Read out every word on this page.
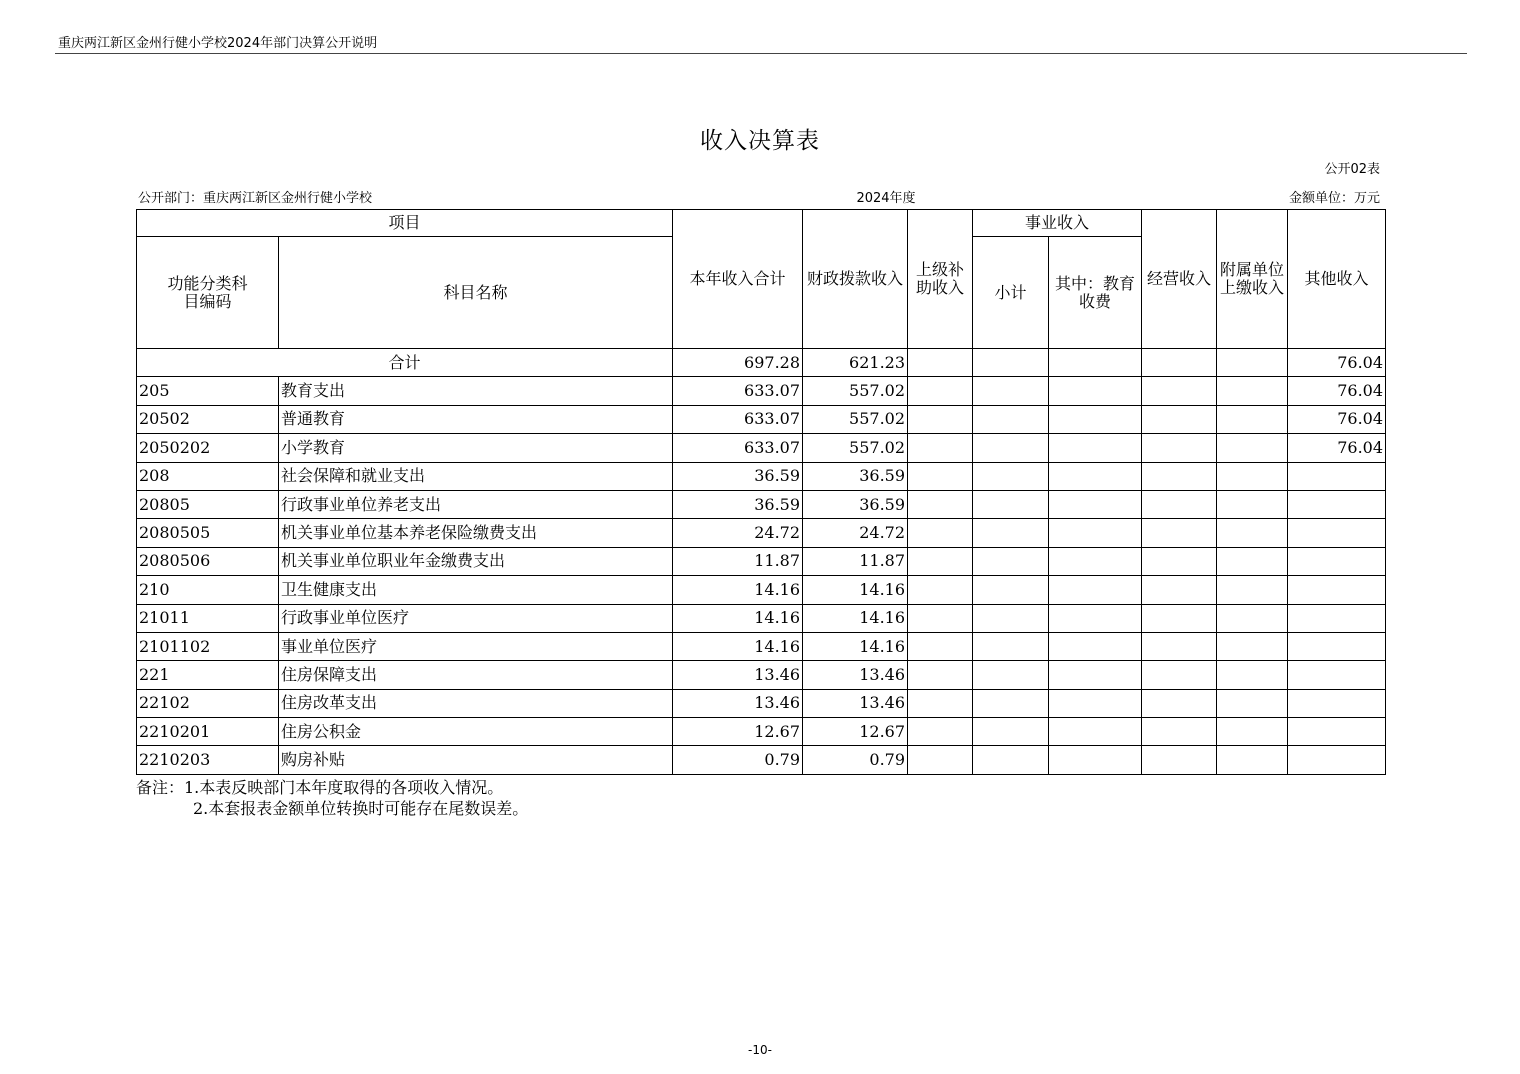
重庆两江新区金州行健小学校2024年部门决算公开说明
收入决算表
公开02表
公开部门：重庆两江新区金州行健小学校	2024年度	金额单位：万元
项目		本年收入合计	财政拨款收入	上级补助收入	事业收入		经营收入	附属单位上缴收入	其他收入
功能分类科目编码	科目名称				小计	其中：教育收费			
合计		697.28	621.23						76.04
205	教育支出	633.07	557.02						76.04
20502	普通教育	633.07	557.02						76.04
2050202	小学教育	633.07	557.02						76.04
208	社会保障和就业支出	36.59	36.59						
20805	行政事业单位养老支出	36.59	36.59						
2080505	机关事业单位基本养老保险缴费支出	24.72	24.72						
2080506	机关事业单位职业年金缴费支出	11.87	11.87						
210	卫生健康支出	14.16	14.16						
21011	行政事业单位医疗	14.16	14.16						
2101102	事业单位医疗	14.16	14.16						
221	住房保障支出	13.46	13.46						
22102	住房改革支出	13.46	13.46						
2210201	住房公积金	12.67	12.67						
2210203	购房补贴	0.79	0.79						
备注：1.本表反映部门本年度取得的各项收入情况。
2.本套报表金额单位转换时可能存在尾数误差。
-10-
